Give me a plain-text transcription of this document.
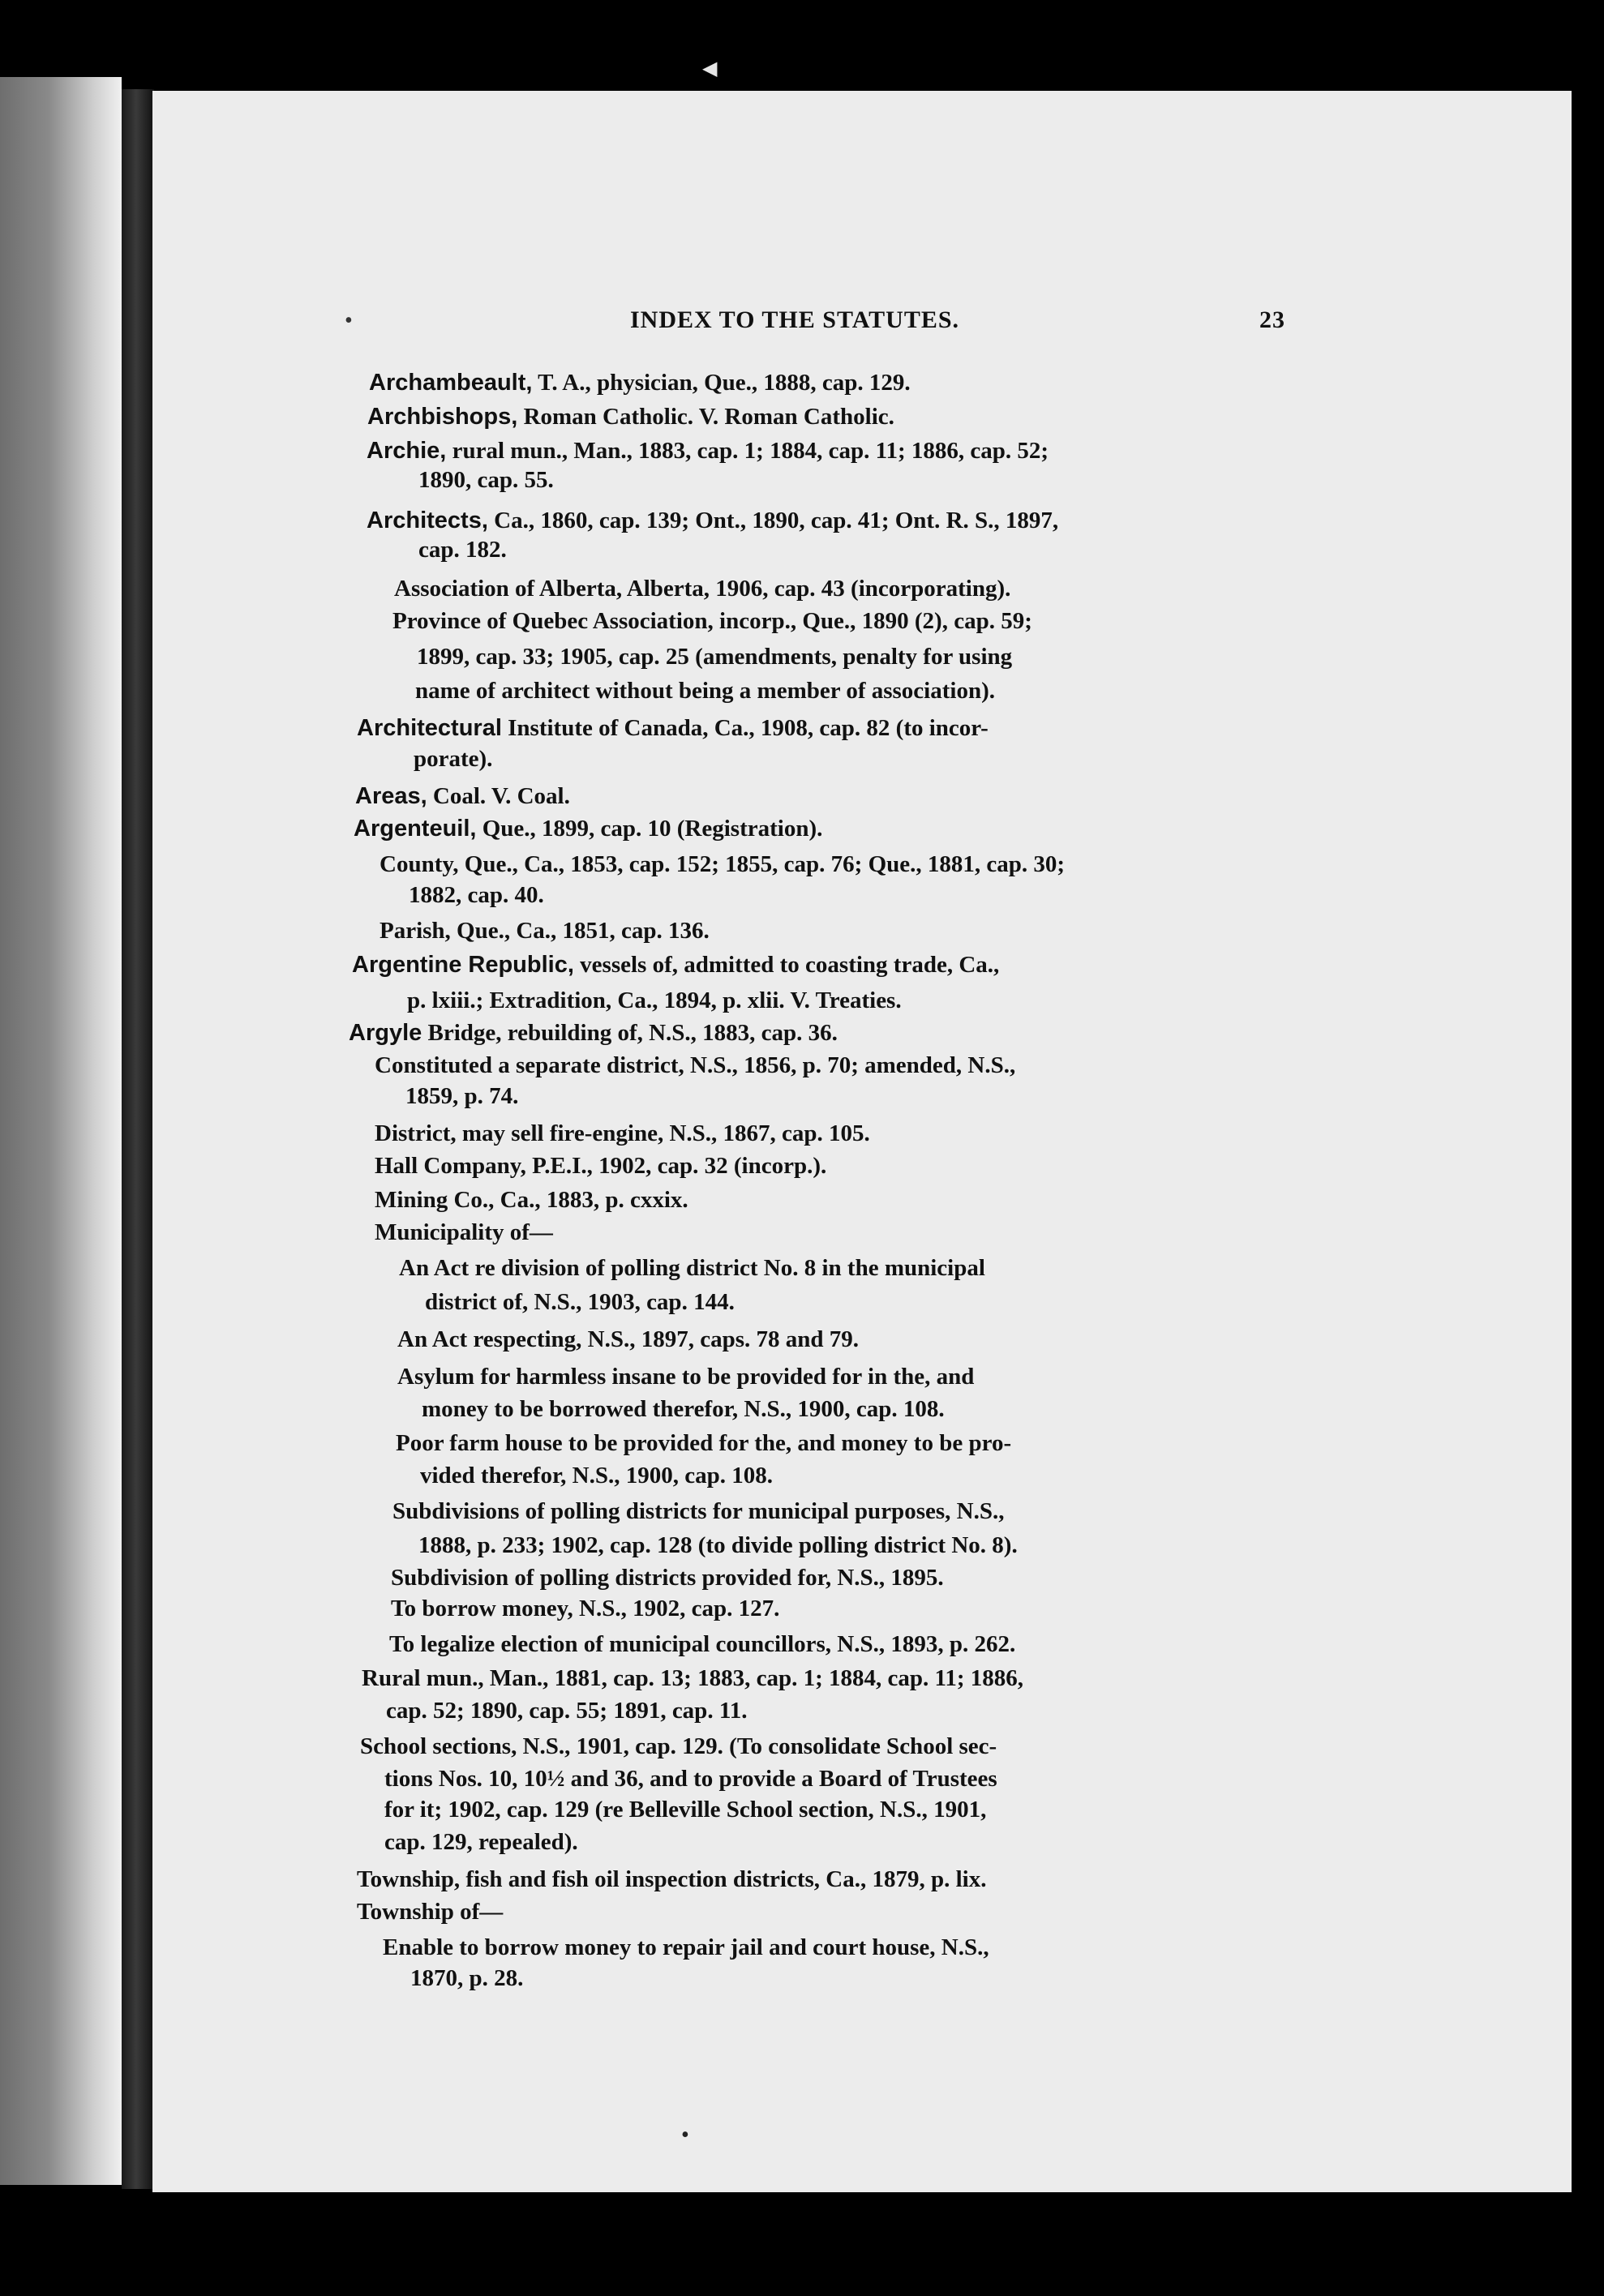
◀
•	INDEX TO THE STATUTES.	23
Archambeault, T. A., physician, Que., 1888, cap. 129.
Archbishops, Roman Catholic. V. Roman Catholic.
Archie, rural mun., Man., 1883, cap. 1; 1884, cap. 11; 1886, cap. 52;
1890, cap. 55.
Architects, Ca., 1860, cap. 139; Ont., 1890, cap. 41; Ont. R. S., 1897,
cap. 182.
Association of Alberta, Alberta, 1906, cap. 43 (incorporating).
Province of Quebec Association, incorp., Que., 1890 (2), cap. 59;
1899, cap. 33; 1905, cap. 25 (amendments, penalty for using
name of architect without being a member of association).
Architectural Institute of Canada, Ca., 1908, cap. 82 (to incor-
porate).
Areas, Coal. V. Coal.
Argenteuil, Que., 1899, cap. 10 (Registration).
County, Que., Ca., 1853, cap. 152; 1855, cap. 76; Que., 1881, cap. 30;
1882, cap. 40.
Parish, Que., Ca., 1851, cap. 136.
Argentine Republic, vessels of, admitted to coasting trade, Ca.,
p. lxiii.; Extradition, Ca., 1894, p. xlii. V. Treaties.
Argyle Bridge, rebuilding of, N.S., 1883, cap. 36.
Constituted a separate district, N.S., 1856, p. 70; amended, N.S.,
1859, p. 74.
District, may sell fire-engine, N.S., 1867, cap. 105.
Hall Company, P.E.I., 1902, cap. 32 (incorp.).
Mining Co., Ca., 1883, p. cxxix.
Municipality of—
An Act re division of polling district No. 8 in the municipal
district of, N.S., 1903, cap. 144.
An Act respecting, N.S., 1897, caps. 78 and 79.
Asylum for harmless insane to be provided for in the, and
money to be borrowed therefor, N.S., 1900, cap. 108.
Poor farm house to be provided for the, and money to be pro-
vided therefor, N.S., 1900, cap. 108.
Subdivisions of polling districts for municipal purposes, N.S.,
1888, p. 233; 1902, cap. 128 (to divide polling district No. 8).
Subdivision of polling districts provided for, N.S., 1895.
To borrow money, N.S., 1902, cap. 127.
To legalize election of municipal councillors, N.S., 1893, p. 262.
Rural mun., Man., 1881, cap. 13; 1883, cap. 1; 1884, cap. 11; 1886,
cap. 52; 1890, cap. 55; 1891, cap. 11.
School sections, N.S., 1901, cap. 129. (To consolidate School sec-
tions Nos. 10, 10½ and 36, and to provide a Board of Trustees
for it; 1902, cap. 129 (re Belleville School section, N.S., 1901,
cap. 129, repealed).
Township, fish and fish oil inspection districts, Ca., 1879, p. lix.
Township of—
Enable to borrow money to repair jail and court house, N.S.,
1870, p. 28.
•
